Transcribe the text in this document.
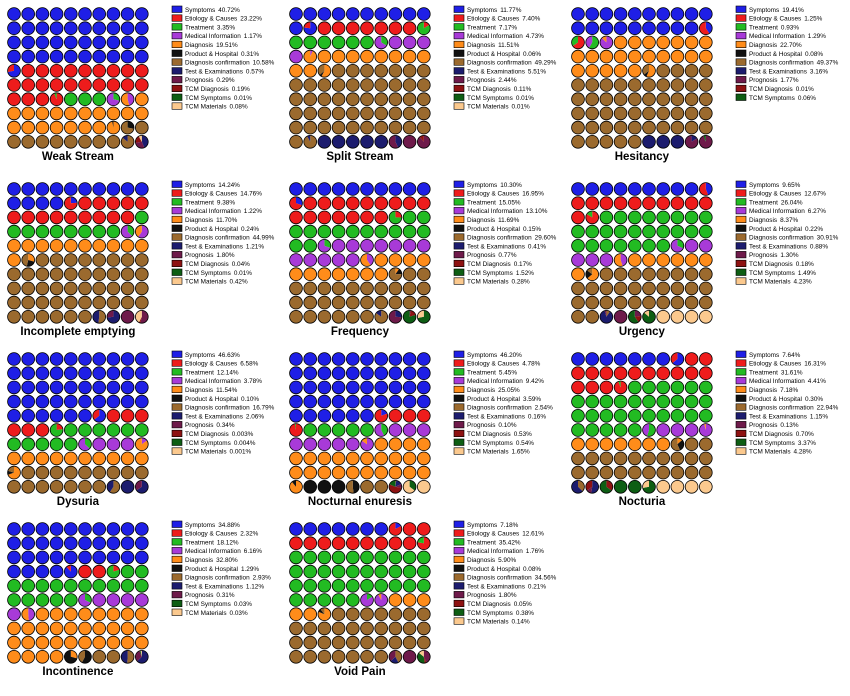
Weak Stream
Symptoms 40.72%
Etiology & Causes 23.22%
Treatment 3.35%
Medical Information 1.17%
Diagnosis 19.51%
Product & Hospital 0.31%
Diagnosis confirmation 10.58%
Test & Examinations 0.57%
Prognosis 0.29%
TCM Diagnosis 0.19%
TCM Symptoms 0.01%
TCM Materials 0.08%
Split Stream
Symptoms 11.77%
Etiology & Causes 7.40%
Treatment 7.17%
Medical Information 4.73%
Diagnosis 11.51%
Product & Hospital 0.06%
Diagnosis confirmation 49.29%
Test & Examinations 5.51%
Prognosis 2.44%
TCM Diagnosis 0.11%
TCM Symptoms 0.01%
TCM Materials 0.01%
Hesitancy
Symptoms 19.41%
Etiology & Causes 1.25%
Treatment 0.93%
Medical Information 1.29%
Diagnosis 22.70%
Product & Hospital 0.08%
Diagnosis confirmation 49.37%
Test & Examinations 3.16%
Prognosis 1.77%
TCM Diagnosis 0.01%
TCM Symptoms 0.06%
Incomplete emptying
Symptoms 14.24%
Etiology & Causes 14.76%
Treatment 9.38%
Medical Information 1.22%
Diagnosis 11.70%
Product & Hospital 0.24%
Diagnosis confirmation 44.99%
Test & Examinations 1.21%
Prognosis 1.80%
TCM Diagnosis 0.04%
TCM Symptoms 0.01%
TCM Materials 0.42%
Frequency
Symptoms 10.30%
Etiology & Causes 16.95%
Treatment 15.05%
Medical Information 13.10%
Diagnosis 11.69%
Product & Hospital 0.15%
Diagnosis confirmation 29.60%
Test & Examinations 0.41%
Prognosis 0.77%
TCM Diagnosis 0.17%
TCM Symptoms 1.52%
TCM Materials 0.28%
Urgency
Symptoms 9.65%
Etiology & Causes 12.67%
Treatment 26.04%
Medical Information 6.27%
Diagnosis 8.37%
Product & Hospital 0.22%
Diagnosis confirmation 30.91%
Test & Examinations 0.88%
Prognosis 1.30%
TCM Diagnosis 0.18%
TCM Symptoms 1.49%
TCM Materials 4.23%
Dysuria
Symptoms 46.63%
Etiology & Causes 6.58%
Treatment 12.14%
Medical Information 3.78%
Diagnosis 11.54%
Product & Hospital 0.10%
Diagnosis confirmation 16.79%
Test & Examinations 2.06%
Prognosis 0.34%
TCM Diagnosis 0.003%
TCM Symptoms 0.004%
TCM Materials 0.001%
Nocturnal enuresis
Symptoms 46.20%
Etiology & Causes 4.78%
Treatment 5.45%
Medical Information 9.42%
Diagnosis 25.05%
Product & Hospital 3.59%
Diagnosis confirmation 2.54%
Test & Examinations 0.16%
Prognosis 0.10%
TCM Diagnosis 0.53%
TCM Symptoms 0.54%
TCM Materials 1.65%
Nocturia
Symptoms 7.64%
Etiology & Causes 16.31%
Treatment 31.61%
Medical Information 4.41%
Diagnosis 7.18%
Product & Hospital 0.30%
Diagnosis confirmation 22.94%
Test & Examinations 1.15%
Prognosis 0.13%
TCM Diagnosis 0.70%
TCM Symptoms 3.37%
TCM Materials 4.28%
Incontinence
Symptoms 34.88%
Etiology & Causes 2.32%
Treatment 18.12%
Medical Information 6.16%
Diagnosis 32.80%
Product & Hospital 1.29%
Diagnosis confirmation 2.93%
Test & Examinations 1.12%
Prognosis 0.31%
TCM Symptoms 0.03%
TCM Materials 0.03%
Void Pain
Symptoms 7.18%
Etiology & Causes 12.61%
Treatment 35.42%
Medical Information 1.76%
Diagnosis 5.90%
Product & Hospital 0.08%
Diagnosis confirmation 34.56%
Test & Examinations 0.21%
Prognosis 1.80%
TCM Diagnosis 0.05%
TCM Symptoms 0.38%
TCM Materials 0.14%
